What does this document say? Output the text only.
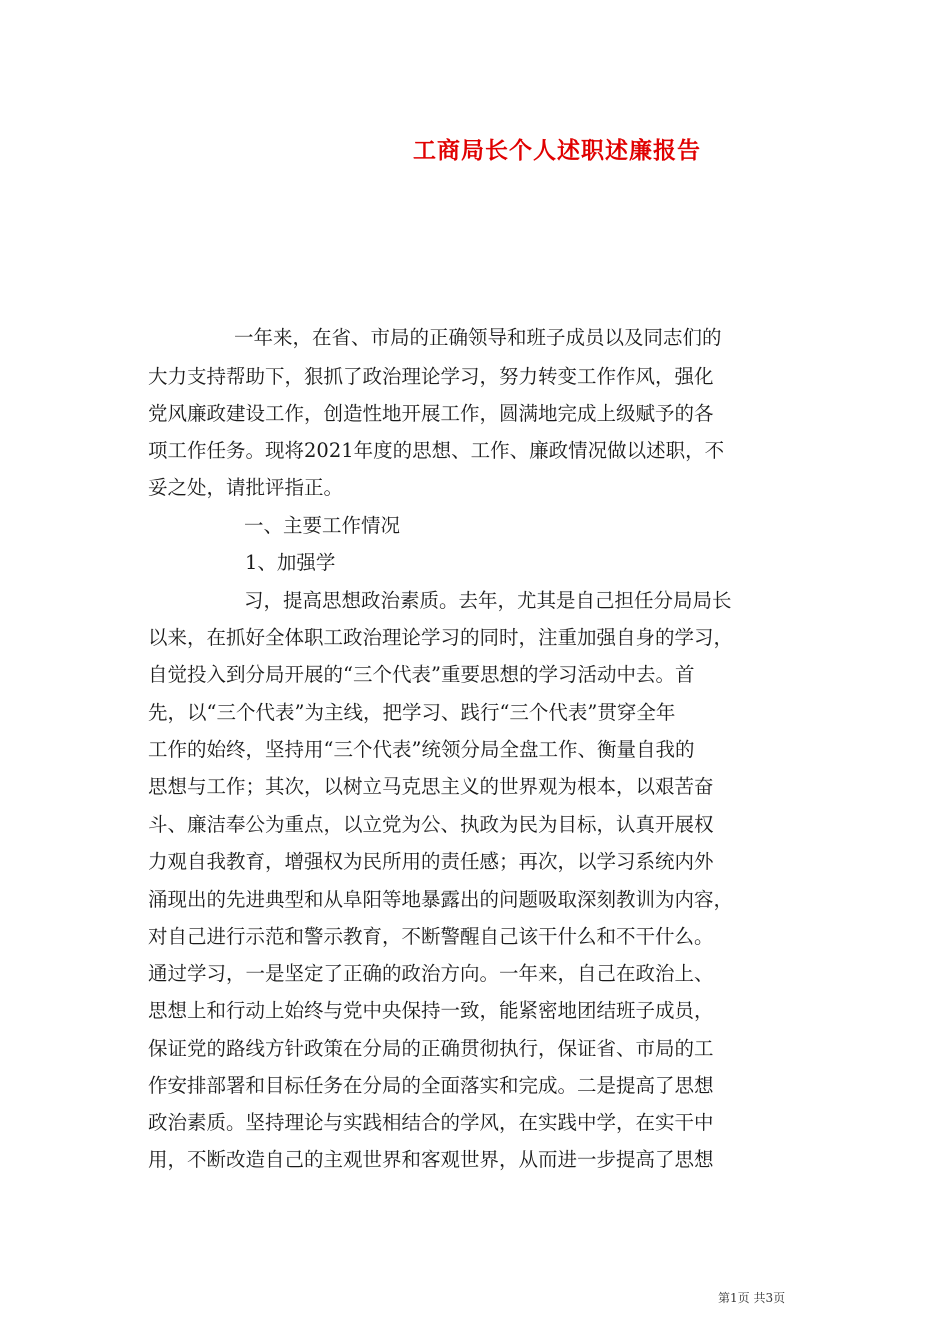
工商局长个人述职述廉报告

一年来，在省、市局的正确领导和班子成员以及同志们的

大力支持帮助下，狠抓了政治理论学习，努力转变工作作风，强化

党风廉政建设工作，创造性地开展工作，圆满地完成上级赋予的各

项工作任务。现将2021年度的思想、工作、廉政情况做以述职，不

妥之处，请批评指正。

一、主要工作情况

1、加强学

习，提高思想政治素质。去年，尤其是自己担任分局局长

以来，在抓好全体职工政治理论学习的同时，注重加强自身的学习，

自觉投入到分局开展的“三个代表”重要思想的学习活动中去。首

先，以“三个代表”为主线，把学习、践行“三个代表”贯穿全年

工作的始终，坚持用“三个代表”统领分局全盘工作、衡量自我的

思想与工作；其次，以树立马克思主义的世界观为根本，以艰苦奋

斗、廉洁奉公为重点，以立党为公、执政为民为目标，认真开展权

力观自我教育，增强权为民所用的责任感；再次，以学习系统内外

涌现出的先进典型和从阜阳等地暴露出的问题吸取深刻教训为内容，

对自己进行示范和警示教育，不断警醒自己该干什么和不干什么。

通过学习，一是坚定了正确的政治方向。一年来，自己在政治上、

思想上和行动上始终与党中央保持一致，能紧密地团结班子成员，

保证党的路线方针政策在分局的正确贯彻执行，保证省、市局的工

作安排部署和目标任务在分局的全面落实和完成。二是提高了思想

政治素质。坚持理论与实践相结合的学风，在实践中学，在实干中

用，不断改造自己的主观世界和客观世界，从而进一步提高了思想

第1页 共3页
